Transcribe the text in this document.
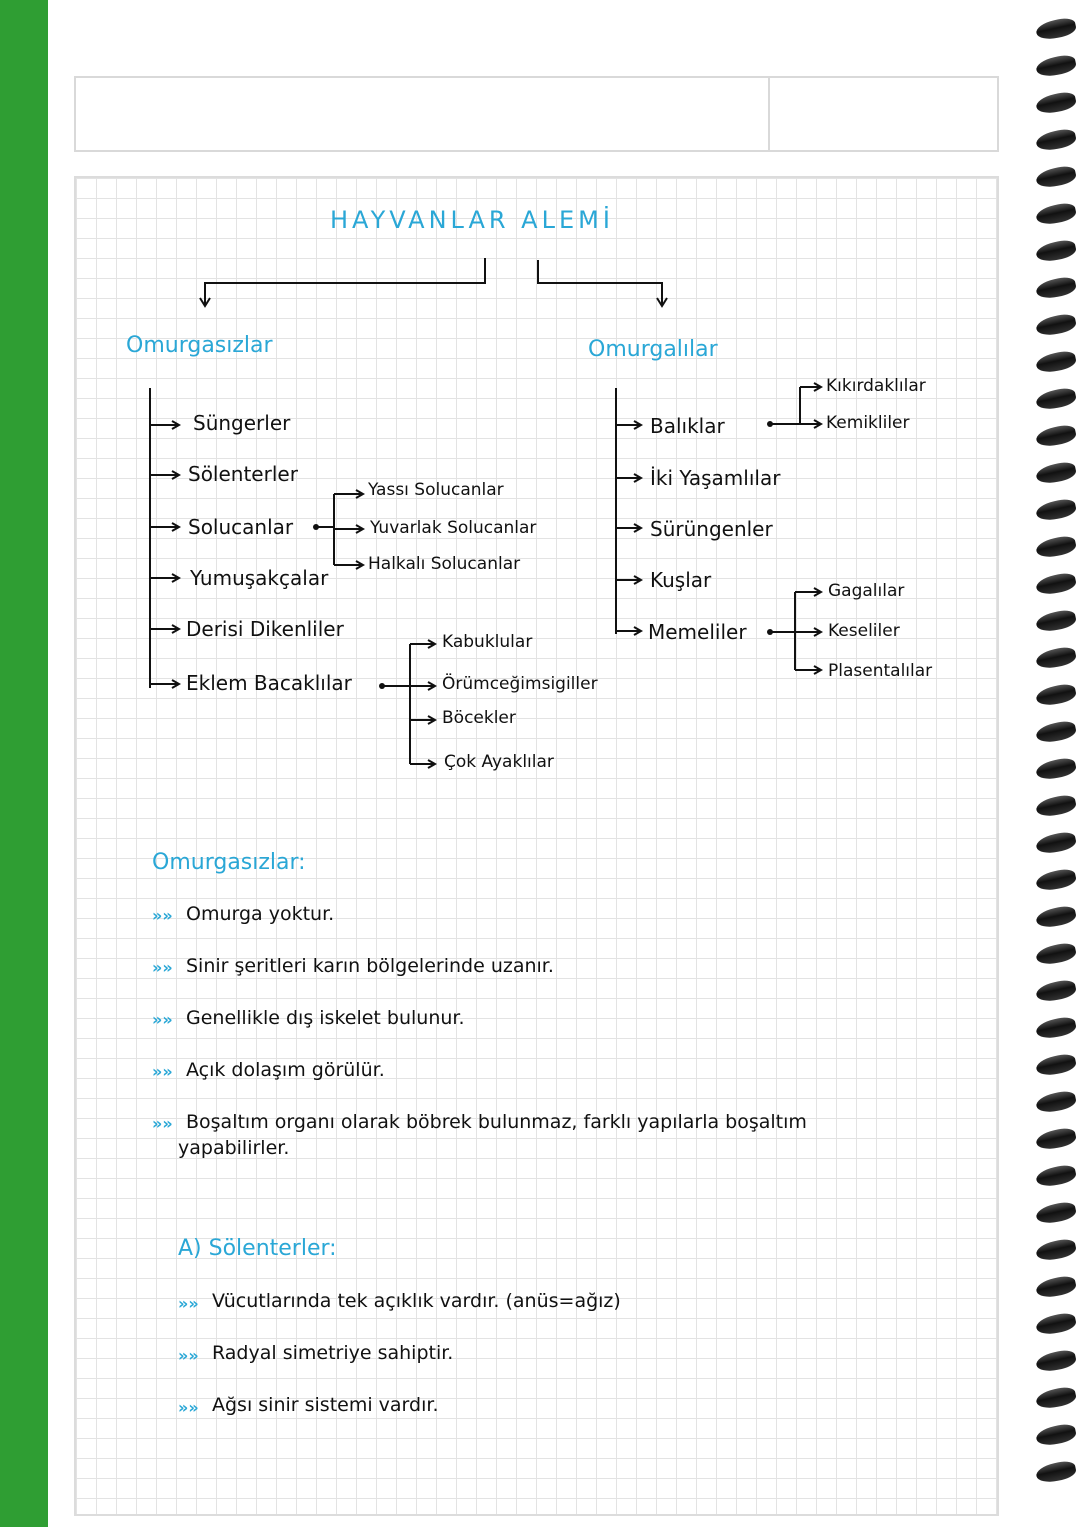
HAYVANLAR ALEMİ
Omurgasızlar
Süngerler
Sölenterler
Solucanlar
Yumuşakçalar
Derisi Dikenliler
Eklem Bacaklılar
Yassı Solucanlar
Yuvarlak Solucanlar
Halkalı Solucanlar
Kabuklular
Örümceğimsigiller
Böcekler
Çok Ayaklılar
Omurgalılar
Balıklar
İki Yaşamlılar
Sürüngenler
Kuşlar
Memeliler
Kıkırdaklılar
Kemikliler
Gagalılar
Keseliler
Plasentalılar
Omurgasızlar:
»» Omurga yoktur.
»» Sinir şeritleri karın bölgelerinde uzanır.
»» Genellikle dış iskelet bulunur.
»» Açık dolaşım görülür.
»» Boşaltım organı olarak böbrek bulunmaz, farklı yapılarla boşaltım
yapabilirler.
A) Sölenterler:
»» Vücutlarında tek açıklık vardır. (anüs=ağız)
»» Radyal simetriye sahiptir.
»» Ağsı sinir sistemi vardır.
